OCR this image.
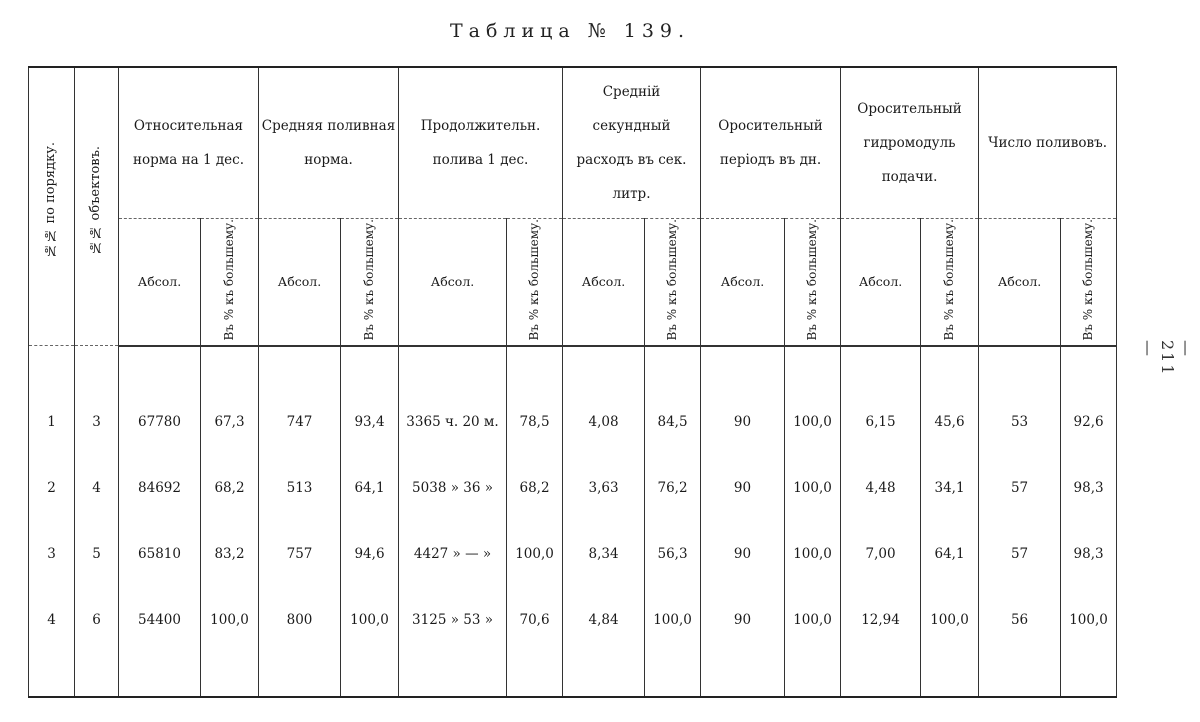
Таблица № 139.
— 211 —
№№ по порядку.	№№ объектовъ.	Относительная норма на 1 дес.		Средняя поливная норма.		Продолжительн. полива 1 дес.		Средній секундный расходъ въ сек. литр.		Оросительный періодъ въ дн.		Оросительный гидромодуль подачи.		Число поливовъ.	
		Абсол.	Въ % къ большему.	Абсол.	Въ % къ большему.	Абсол.	Въ % къ большему.	Абсол.	Въ % къ большему.	Абсол.	Въ % къ большему.	Абсол.	Въ % къ большему.	Абсол.	Въ % къ большему.

1	3	67780	67,3	747	93,4	3365 ч. 20 м.	78,5	4,08	84,5	90	100,0	6,15	45,6	53	92,6
2	4	84692	68,2	513	64,1	5038 » 36 »	68,2	3,63	76,2	90	100,0	4,48	34,1	57	98,3
3	5	65810	83,2	757	94,6	4427 » — »	100,0	8,34	56,3	90	100,0	7,00	64,1	57	98,3
4	6	54400	100,0	800	100,0	3125 » 53 »	70,6	4,84	100,0	90	100,0	12,94	100,0	56	100,0
